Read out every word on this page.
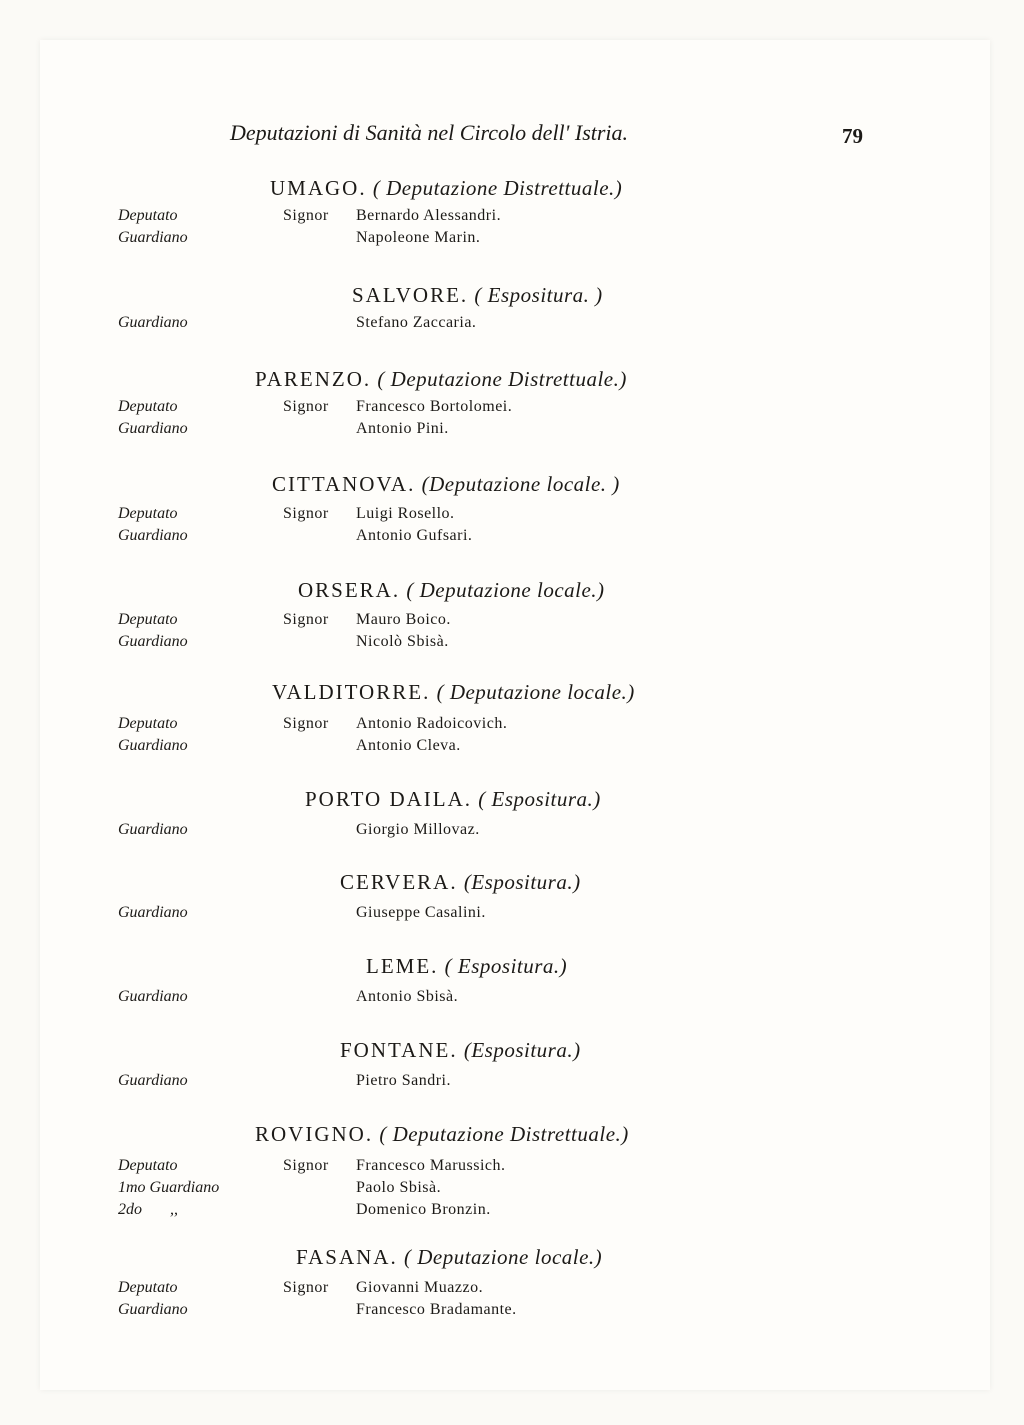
Deputazioni di Sanità nel Circolo dell' Istria.	79
UMAGO. ( Deputazione Distrettuale.)
Deputato	Signor Bernardo Alessandri.
Guardiano	Napoleone Marin.
SALVORE. ( Espositura. )
Guardiano	Stefano Zaccaria.
PARENZO. ( Deputazione Distrettuale.)
Deputato	Signor Francesco Bortolomei.
Guardiano	Antonio Pini.
CITTANOVA. (Deputazione locale. )
Deputato	Signor Luigi Rosello.
Guardiano	Antonio Gufsari.
ORSERA. ( Deputazione locale.)
Deputato	Signor Mauro Boico.
Guardiano	Nicolò Sbisà.
VALDITORRE. ( Deputazione locale.)
Deputato	Signor Antonio Radoicovich.
Guardiano	Antonio Cleva.
PORTO DAILA. ( Espositura.)
Guardiano	Giorgio Millovaz.
CERVERA. (Espositura.)
Guardiano	Giuseppe Casalini.
LEME. ( Espositura.)
Guardiano	Antonio Sbisà.
FONTANE. (Espositura.)
Guardiano	Pietro Sandri.
ROVIGNO. ( Deputazione Distrettuale.)
Deputato	Signor Francesco Marussich.
1mo Guardiano	Paolo Sbisà.
2do       ,,	Domenico Bronzin.
FASANA. ( Deputazione locale.)
Deputato	Signor Giovanni Muazzo.
Guardiano	Francesco Bradamante.
